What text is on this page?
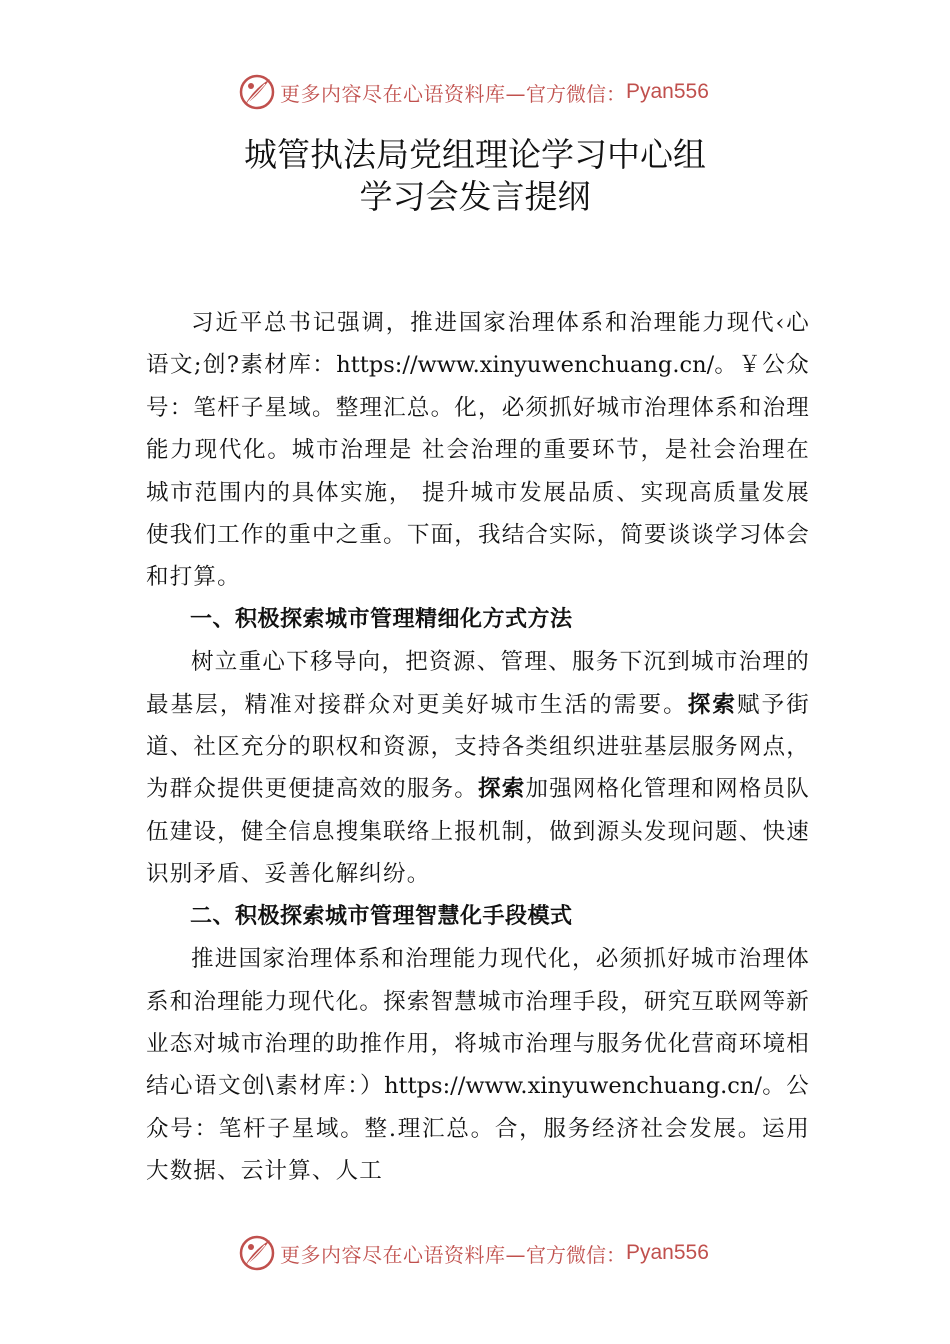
更多内容尽在心语资料库— 官方微信： Pyan556
城管执法局党组理论学习中心组
学习会发言提纲

习近平总书记强调，推进国家治理体系和治理能力现代‹心语文;创?素材库：https://www.xinyuwenchuang.cn/。￥公众号：笔杆子星域。整理汇总。化，必须抓好城市治理体系和治理能力现代化。城市治理是 社会治理的重要环节，是社会治理在城市范围内的具体实施， 提升城市发展品质、实现高质量发展使我们工作的重中之重。下面，我结合实际，简要谈谈学习体会和打算。

一、积极探索城市管理精细化方式方法

树立重心下移导向，把资源、管理、服务下沉到城市治理的最基层，精准对接群众对更美好城市生活的需要。探索赋予街道、社区充分的职权和资源，支持各类组织进驻基层服务网点，为群众提供更便捷高效的服务。探索加强网格化管理和网格员队伍建设，健全信息搜集联络上报机制，做到源头发现问题、快速识别矛盾、妥善化解纠纷。

二、积极探索城市管理智慧化手段模式

推进国家治理体系和治理能力现代化，必须抓好城市治理体系和治理能力现代化。探索智慧城市治理手段，研究互联网等新业态对城市治理的助推作用，将城市治理与服务优化营商环境相结心语文创\素材库：）https://www.xinyuwenchuang.cn/。公众号：笔杆子星域。整.理汇总。合，服务经济社会发展。运用大数据、云计算、人工

更多内容尽在心语资料库— 官方微信： Pyan556
